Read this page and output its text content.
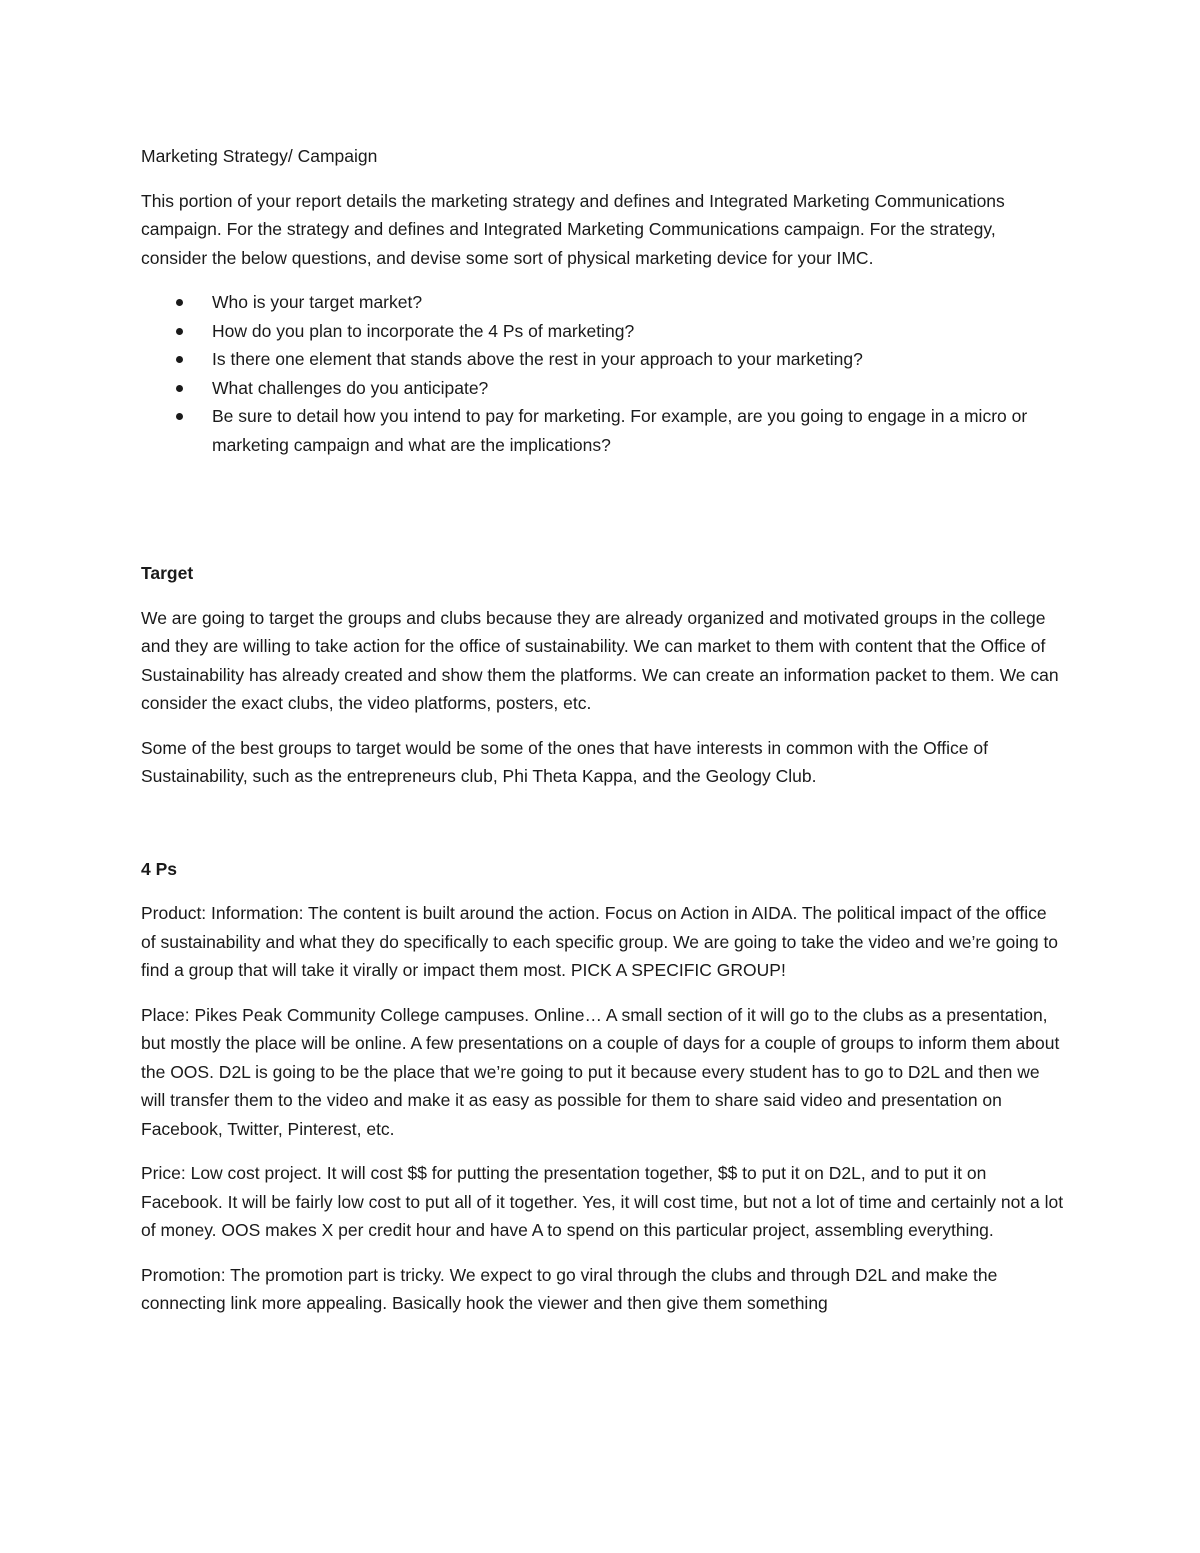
Marketing Strategy/ Campaign

This portion of your report details the marketing strategy and defines and Integrated Marketing Communications campaign. For the strategy and defines and Integrated Marketing Communications campaign. For the strategy, consider the below questions, and devise some sort of physical marketing device for your IMC.

Who is your target market?
How do you plan to incorporate the 4 Ps of marketing?
Is there one element that stands above the rest in your approach to your marketing?
What challenges do you anticipate?
Be sure to detail how you intend to pay for marketing. For example, are you going to engage in a micro or marketing campaign and what are the implications?
Target

We are going to target the groups and clubs because they are already organized and motivated groups in the college and they are willing to take action for the office of sustainability. We can market to them with content that the Office of Sustainability has already created and show them the platforms. We can create an information packet to them. We can consider the exact clubs, the video platforms, posters, etc.

Some of the best groups to target would be some of the ones that have interests in common with the Office of Sustainability, such as the entrepreneurs club, Phi Theta Kappa, and the Geology Club.

4 Ps

Product: Information: The content is built around the action. Focus on Action in AIDA. The political impact of the office of sustainability and what they do specifically to each specific group. We are going to take the video and we’re going to find a group that will take it virally or impact them most. PICK A SPECIFIC GROUP!

Place: Pikes Peak Community College campuses. Online… A small section of it will go to the clubs as a presentation, but mostly the place will be online. A few presentations on a couple of days for a couple of groups to inform them about the OOS. D2L is going to be the place that we’re going to put it because every student has to go to D2L and then we will transfer them to the video and make it as easy as possible for them to share said video and presentation on Facebook, Twitter, Pinterest, etc.

Price: Low cost project. It will cost $$ for putting the presentation together, $$ to put it on D2L, and to put it on Facebook. It will be fairly low cost to put all of it together. Yes, it will cost time, but not a lot of time and certainly not a lot of money. OOS makes X per credit hour and have A to spend on this particular project, assembling everything.

Promotion: The promotion part is tricky. We expect to go viral through the clubs and through D2L and make the connecting link more appealing. Basically hook the viewer and then give them something
